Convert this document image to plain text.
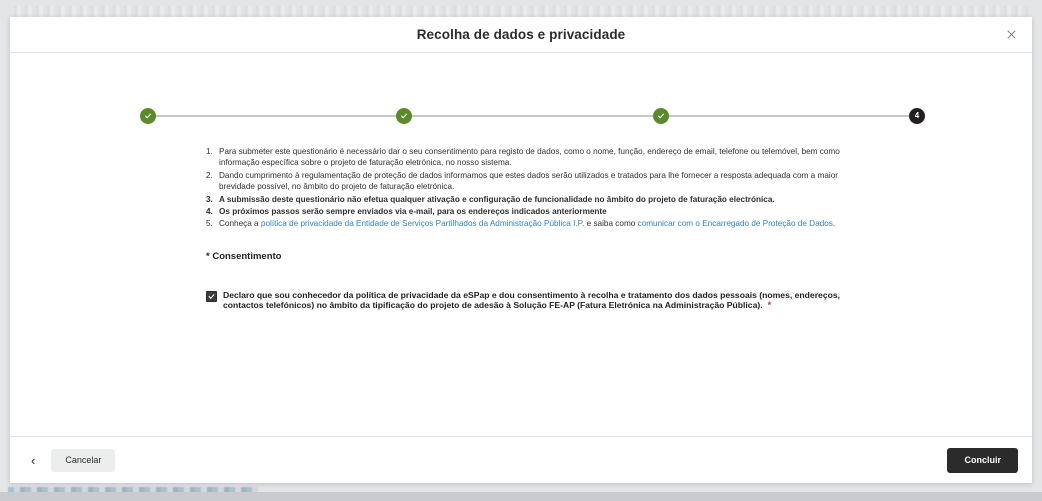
Recolha de dados e privacidade
4
1. Para submeter este questionário é necessário dar o seu consentimento para registo de dados, como o nome, função, endereço de email, telefone ou telemóvel, bem como informação específica sobre o projeto de faturação eletrónica, no nosso sistema.
2. Dando cumprimento à regulamentação de proteção de dados informamos que estes dados serão utilizados e tratados para lhe fornecer a resposta adequada com a maior brevidade possível, no âmbito do projeto de faturação eletrónica.
3. A submissão deste questionário não efetua qualquer ativação e configuração de funcionalidade no âmbito do projeto de faturação electrónica.
4. Os próximos passos serão sempre enviados via e-mail, para os endereços indicados anteriormente
5. Conheça a política de privacidade da Entidade de Serviços Partilhados da Administração Pública I.P. e saiba como comunicar com o Encarregado de Proteção de Dados.
* Consentimento
Declaro que sou conhecedor da política de privacidade da eSPap e dou consentimento à recolha e tratamento dos dados pessoais (nomes, endereços, contactos telefónicos) no âmbito da tipificação do projeto de adesão à Solução FE-AP (Fatura Eletrónica na Administração Pública). *
‹	Cancelar	Concluir
